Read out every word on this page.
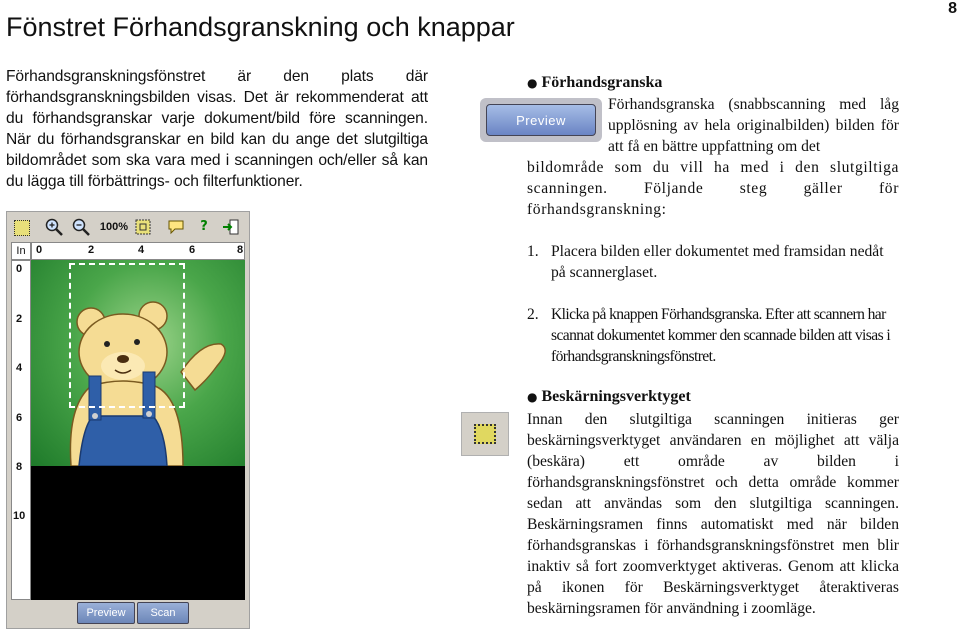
Fönstret Förhandsgranskning och knappar
8
Förhandsgranskningsfönstret är den plats där förhandsgranskningsbilden visas. Det är rekommenderat att du förhandsgranskar varje dokument/bild före scanningen. När du förhandsgranskar en bild kan du ange det slutgiltiga bildområdet som ska vara med i scanningen och/eller så kan du lägga till förbättrings- och filterfunktioner.
100%	?
In 0	2	4	6	8
0
2
4
6
8
10
Preview	Scan
● Förhandsgranska
Preview
Förhandsgranska (snabbscanning med låg upplösning av hela originalbilden) bilden för att få en bättre uppfattning om det
bildområde som du vill ha med i den slutgiltiga scanningen. Följande steg gäller för förhandsgranskning:
1. Placera bilden eller dokumentet med framsidan nedåt på scannerglaset.
2. Klicka på knappen Förhandsgranska. Efter att scannern har scannat dokumentet kommer den scannade bilden att visas i förhandsgranskningsfönstret.
● Beskärningsverktyget
Innan den slutgiltiga scanningen initieras ger beskärningsverktyget användaren en möjlighet att välja (beskära) ett område av bilden i förhandsgranskningsfönstret och detta område kommer sedan att användas som den slutgiltiga scanningen. Beskärningsramen finns automatiskt med när bilden förhandsgranskas i förhandsgranskningsfönstret men blir inaktiv så fort zoomverktyget aktiveras. Genom att klicka på ikonen för Beskärningsverktyget återaktiveras beskärningsramen för användning i zoomläge.
